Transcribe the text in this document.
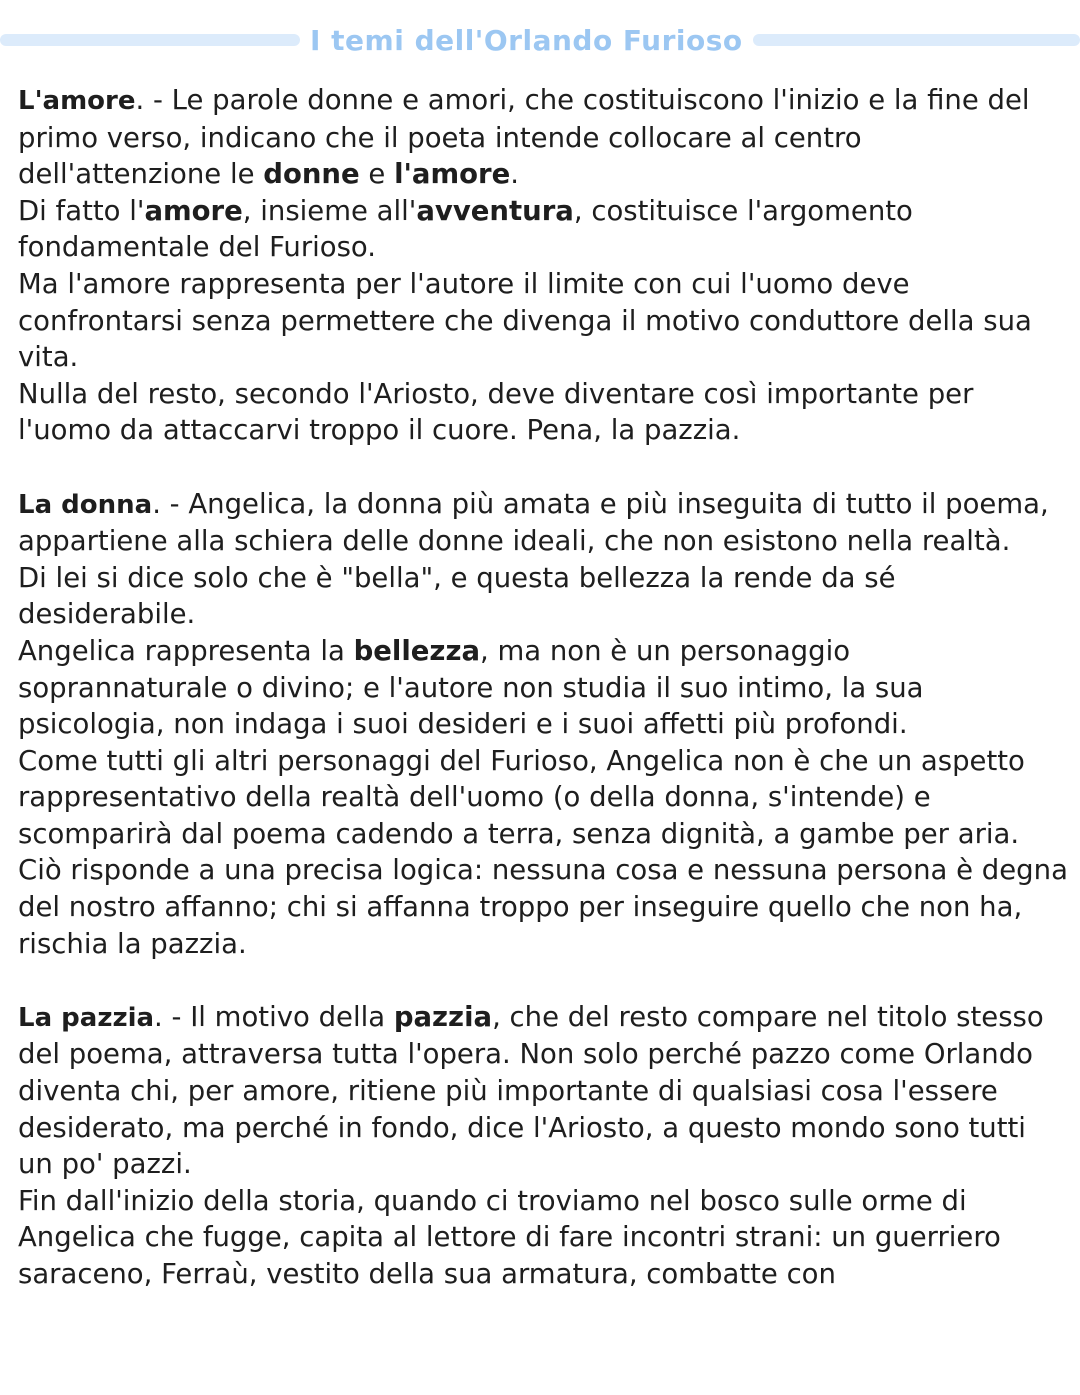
I temi dell'Orlando Furioso

L'amore. - Le parole donne e amori, che costituiscono l'inizio e la fine del primo verso, indicano che il poeta intende collocare al centro dell'attenzione le donne e l'amore.

Di fatto l'amore, insieme all'avventura, costituisce l'argomento fondamentale del Furioso.

Ma l'amore rappresenta per l'autore il limite con cui l'uomo deve confrontarsi senza permettere che divenga il motivo conduttore della sua vita.

Nulla del resto, secondo l'Ariosto, deve diventare così importante per l'uomo da attaccarvi troppo il cuore. Pena, la pazzia.

La donna. - Angelica, la donna più amata e più inseguita di tutto il poema, appartiene alla schiera delle donne ideali, che non esistono nella realtà.

Di lei si dice solo che è "bella", e questa bellezza la rende da sé desiderabile.

Angelica rappresenta la bellezza, ma non è un personaggio soprannaturale o divino; e l'autore non studia il suo intimo, la sua psicologia, non indaga i suoi desideri e i suoi affetti più profondi.

Come tutti gli altri personaggi del Furioso, Angelica non è che un aspetto rappresentativo della realtà dell'uomo (o della donna, s'intende) e scomparirà dal poema cadendo a terra, senza dignità, a gambe per aria.

Ciò risponde a una precisa logica: nessuna cosa e nessuna persona è degna del nostro affanno; chi si affanna troppo per inseguire quello che non ha, rischia la pazzia.

La pazzia. - Il motivo della pazzia, che del resto compare nel titolo stesso del poema, attraversa tutta l'opera. Non solo perché pazzo come Orlando diventa chi, per amore, ritiene più importante di qualsiasi cosa l'essere desiderato, ma perché in fondo, dice l'Ariosto, a questo mondo sono tutti un po' pazzi.

Fin dall'inizio della storia, quando ci troviamo nel bosco sulle orme di Angelica che fugge, capita al lettore di fare incontri strani: un guerriero saraceno, Ferraù, vestito della sua armatura, combatte con
